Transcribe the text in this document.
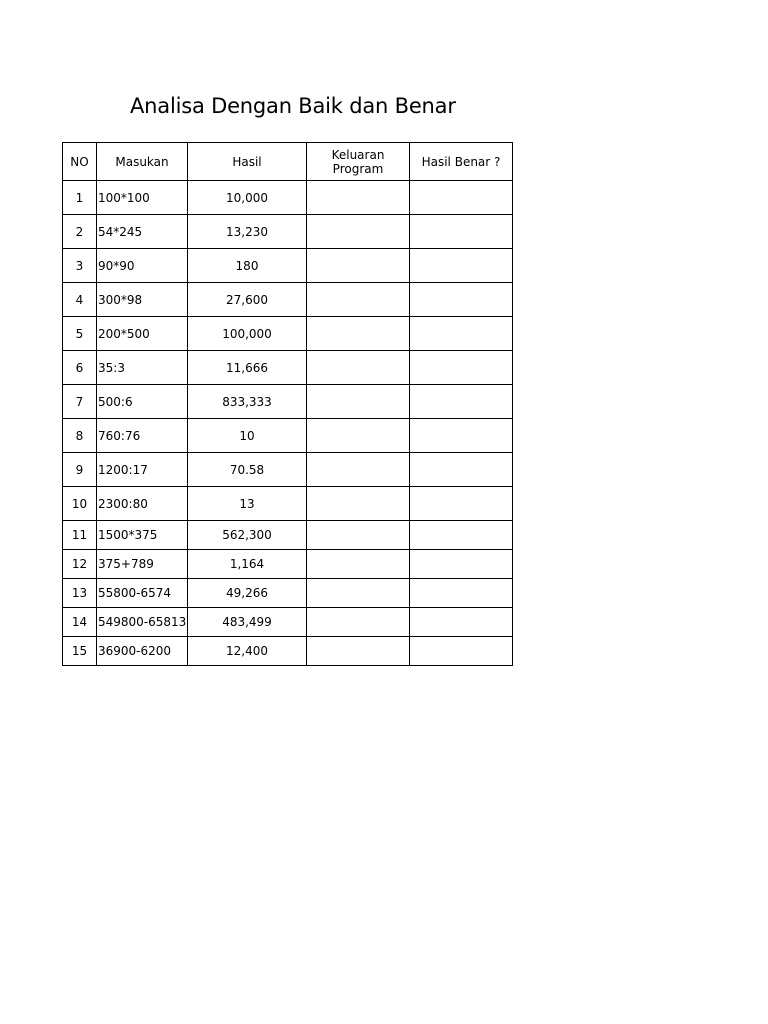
Analisa Dengan Baik dan Benar
NO	Masukan	Hasil	Keluaran Program	Hasil Benar ?
1	100*100	10,000		
2	54*245	13,230		
3	90*90	180		
4	300*98	27,600		
5	200*500	100,000		
6	35:3	11,666		
7	500:6	833,333		
8	760:76	10		
9	1200:17	70.58		
10	2300:80	13		
11	1500*375	562,300		
12	375+789	1,164		
13	55800-6574	49,266		
14	549800-65813	483,499		
15	36900-6200	12,400		
